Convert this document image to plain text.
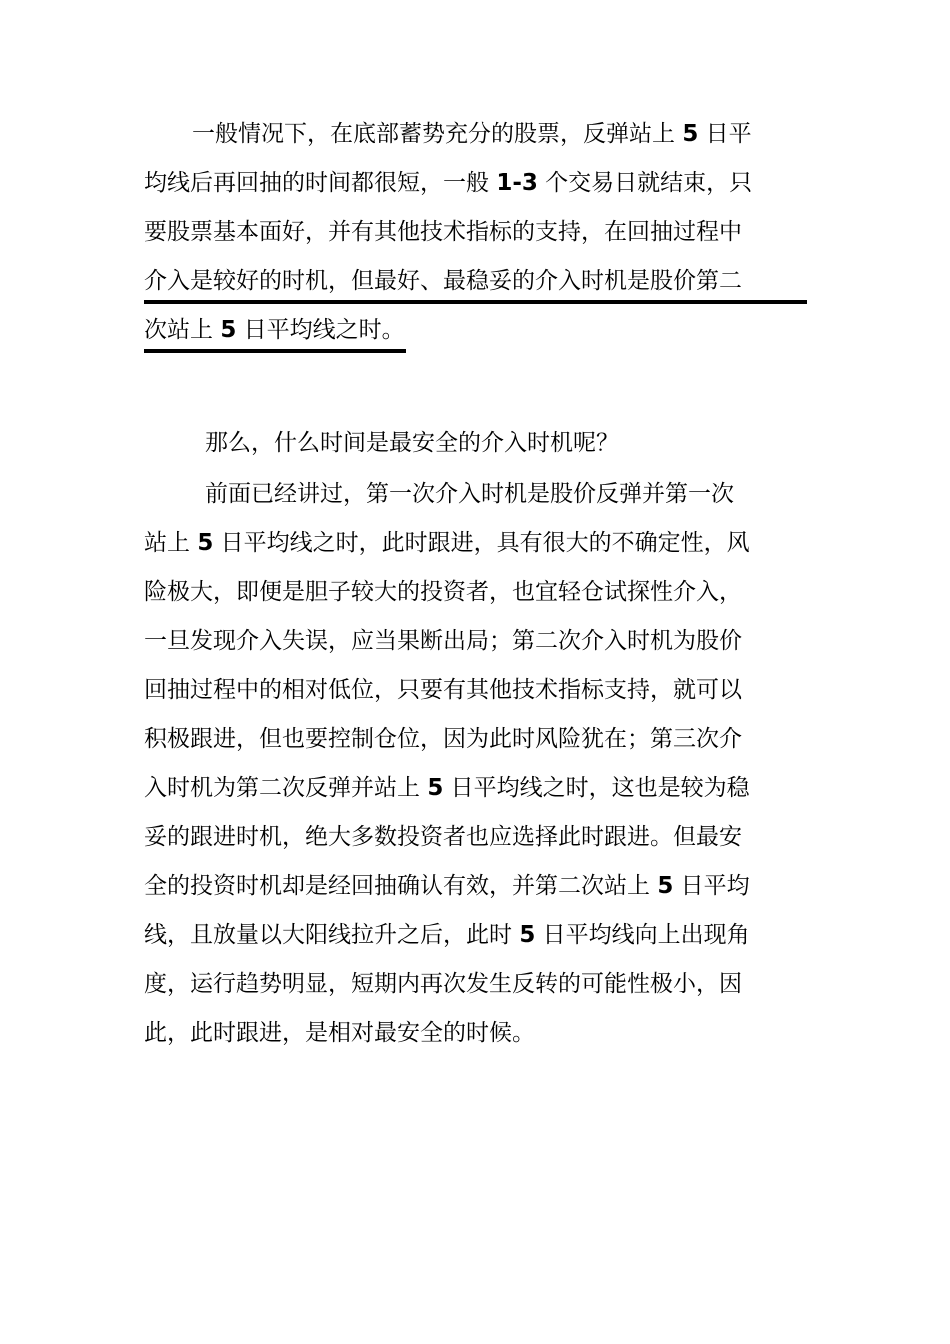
一般情况下，在底部蓄势充分的股票，反弹站上 5 日平

均线后再回抽的时间都很短，一般 1-3 个交易日就结束，只

要股票基本面好，并有其他技术指标的支持，在回抽过程中

介入是较好的时机，但最好、最稳妥的介入时机是股价第二

次站上 5 日平均线之时。

那么，什么时间是最安全的介入时机呢？

前面已经讲过，第一次介入时机是股价反弹并第一次

站上 5 日平均线之时，此时跟进，具有很大的不确定性，风

险极大，即便是胆子较大的投资者，也宜轻仓试探性介入，

一旦发现介入失误，应当果断出局；第二次介入时机为股价

回抽过程中的相对低位，只要有其他技术指标支持，就可以

积极跟进，但也要控制仓位，因为此时风险犹在；第三次介

入时机为第二次反弹并站上 5 日平均线之时，这也是较为稳

妥的跟进时机，绝大多数投资者也应选择此时跟进。但最安

全的投资时机却是经回抽确认有效，并第二次站上 5 日平均

线，且放量以大阳线拉升之后，此时 5 日平均线向上出现角

度，运行趋势明显，短期内再次发生反转的可能性极小，因

此，此时跟进，是相对最安全的时候。
